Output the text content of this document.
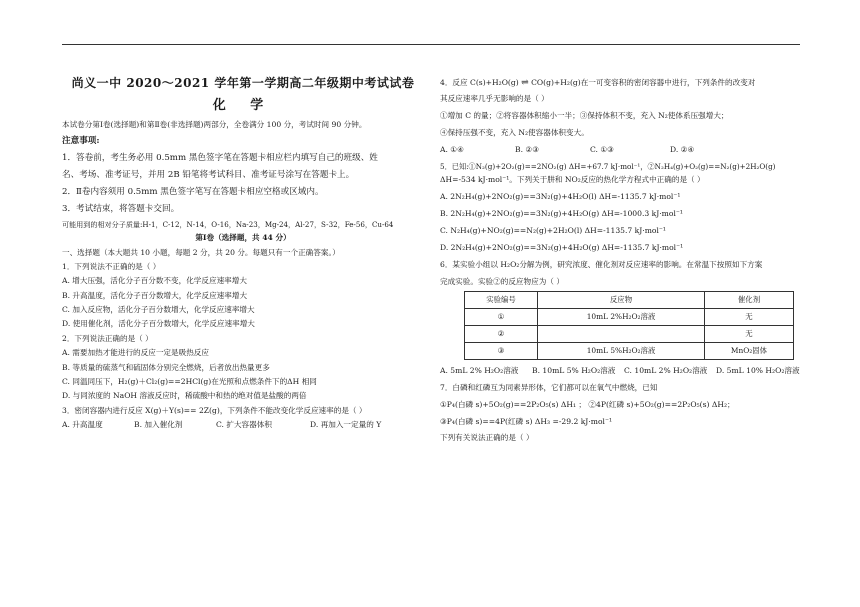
尚义一中 2020～2021 学年第一学期高二年级期中考试试卷
化 学
本试卷分第Ⅰ卷(选择题)和第Ⅱ卷(非选择题)两部分，全卷满分 100 分，考试时间 90 分钟。
注意事项:
1．答卷前，考生务必用 0.5mm 黑色签字笔在答题卡相应栏内填写自己的班级、姓
名、考场、准考证号，并用 2B 铅笔将考试科目、准考证号涂写在答题卡上。
2．Ⅱ卷内容须用 0.5mm 黑色签字笔写在答题卡相应空格或区域内。
3．考试结束，将答题卡交回。
可能用到的相对分子质量:H-1，C-12，N-14，O-16，Na-23，Mg-24，Al-27，S-32，Fe-56，Cu-64
第Ⅰ卷（选择题，共 44 分）
一、选择题（本大题共 10 小题，每题 2 分，共 20 分。每题只有一个正确答案。）
1．下列说法不正确的是（ ）
A. 增大压强，活化分子百分数不变，化学反应速率增大
B. 升高温度，活化分子百分数增大，化学反应速率增大
C. 加入反应物，活化分子百分数增大，化学反应速率增大
D. 使用催化剂，活化分子百分数增大，化学反应速率增大
2．下列说法正确的是（ ）
A. 需要加热才能进行的反应一定是吸热反应
B. 等质量的硫蒸气和硫固体分别完全燃烧，后者放出热量更多
C. 同温同压下，H₂(g)＋Cl₂(g)==2HCl(g)在光照和点燃条件下的ΔH 相同
D. 与同浓度的 NaOH 溶液反应时，稀硫酸中和热的绝对值是盐酸的两倍
3．密闭容器内进行反应 X(g)＋Y(s)== 2Z(g)，下列条件不能改变化学反应速率的是（ ）
A. 升高温度	B. 加入催化剂	C. 扩大容器体积	D. 再加入一定量的 Y
4．反应 C(s)+H₂O(g) ⇌ CO(g)+H₂(g)在一可变容积的密闭容器中进行，下列条件的改变对
其反应速率几乎无影响的是（ ）
①增加 C 的量；②将容器体积缩小一半；③保持体积不变，充入 N₂使体系压强增大；
④保持压强不变，充入 N₂使容器体积变大。
A. ①④	B. ②③	C. ①③	D. ②④
5．已知:①N₂(g)+2O₂(g)==2NO₂(g) ΔH=+67.7 kJ·mol⁻¹，②N₂H₄(g)+O₂(g)==N₂(g)+2H₂O(g)
ΔH=-534 kJ·mol⁻¹。下列关于肼和 NO₂反应的热化学方程式中正确的是（ ）
A. 2N₂H₄(g)+2NO₂(g)==3N₂(g)+4H₂O(l) ΔH=-1135.7 kJ·mol⁻¹
B. 2N₂H₄(g)+2NO₂(g)==3N₂(g)+4H₂O(g) ΔH=-1000.3 kJ·mol⁻¹
C. N₂H₄(g)+NO₂(g)==N₂(g)+2H₂O(l) ΔH=-1135.7 kJ·mol⁻¹
D. 2N₂H₄(g)+2NO₂(g)==3N₂(g)+4H₂O(g) ΔH=-1135.7 kJ·mol⁻¹
6．某实验小组以 H₂O₂分解为例，研究浓度、催化剂对反应速率的影响。在常温下按照如下方案
完成实验。实验②的反应物应为（ ）
实验编号	反应物	催化剂
①	10mL 2%H₂O₂溶液	无
②		无
③	10mL 5%H₂O₂溶液	MnO₂固体
A. 5mL 2% H₂O₂溶液	B. 10mL 5% H₂O₂溶液	C. 10mL 2% H₂O₂溶液	D. 5mL 10% H₂O₂溶液
7．白磷和红磷互为同素异形体，它们都可以在氧气中燃烧，已知
①P₄(白磷 s)+5O₂(g)==2P₂O₅(s) ΔH₁ ； ②4P(红磷 s)+5O₂(g)==2P₂O₅(s) ΔH₂；
③P₄(白磷 s)==4P(红磷 s) ΔH₃ =-29.2 kJ·mol⁻¹
下列有关说法正确的是（ ）
